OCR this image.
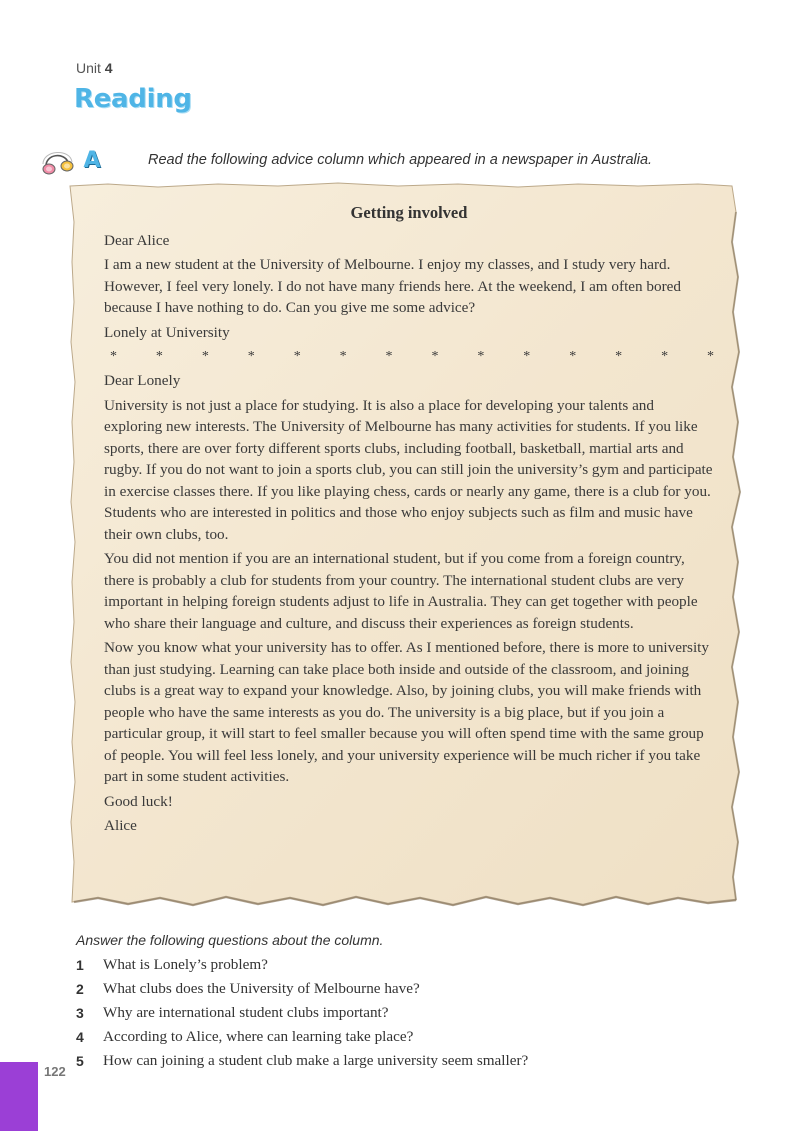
Unit 4
Reading
A	Read the following advice column which appeared in a newspaper in Australia.
Getting involved
Dear Alice
I am a new student at the University of Melbourne. I enjoy my classes, and I study very hard. However, I feel very lonely. I do not have many friends here. At the weekend, I am often bored because I have nothing to do. Can you give me some advice?
Lonely at University
*	*	*	*	*	*	*	*	*	*	*	*	*	*
Dear Lonely
University is not just a place for studying. It is also a place for developing your talents and exploring new interests. The University of Melbourne has many activities for students. If you like sports, there are over forty different sports clubs, including football, basketball, martial arts and rugby. If you do not want to join a sports club, you can still join the university’s gym and participate in exercise classes there. If you like playing chess, cards or nearly any game, there is a club for you. Students who are interested in politics and those who enjoy subjects such as film and music have their own clubs, too.
You did not mention if you are an international student, but if you come from a foreign country, there is probably a club for students from your country. The international student clubs are very important in helping foreign students adjust to life in Australia. They can get together with people who share their language and culture, and discuss their experiences as foreign students.
Now you know what your university has to offer. As I mentioned before, there is more to university than just studying. Learning can take place both inside and outside of the classroom, and joining clubs is a great way to expand your knowledge. Also, by joining clubs, you will make friends with people who have the same interests as you do. The university is a big place, but if you join a particular group, it will start to feel smaller because you will often spend time with the same group of people. You will feel less lonely, and your university experience will be much richer if you take part in some student activities.
Good luck!
Alice
Answer the following questions about the column.
1 What is Lonely’s problem?
2 What clubs does the University of Melbourne have?
3 Why are international student clubs important?
4 According to Alice, where can learning take place?
5 How can joining a student club make a large university seem smaller?
122
